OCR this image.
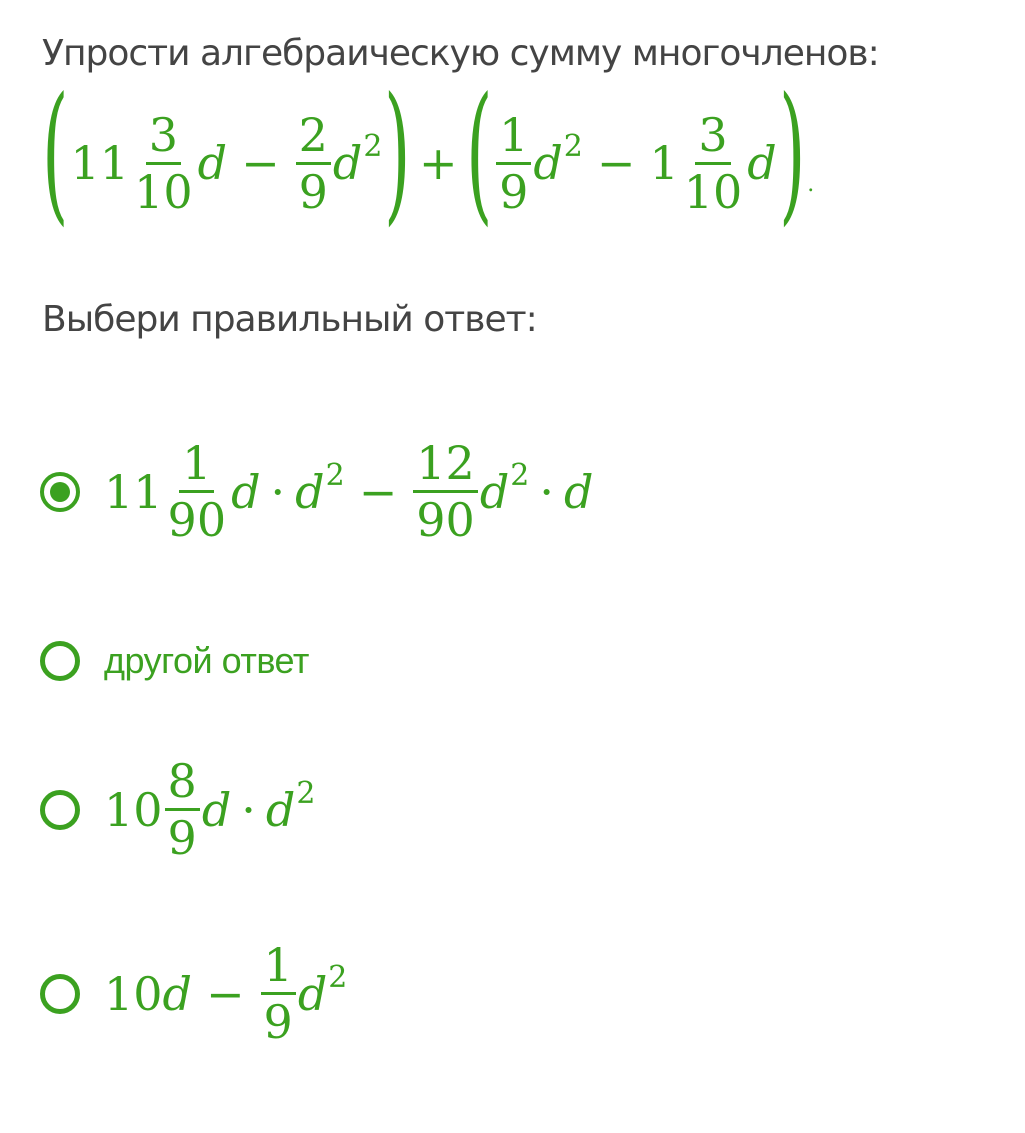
Упрости алгебраическую сумму многочленов:
( $11 \frac{3}{10}$ $d - \frac{2}{9}$ d 2 ) + ( $\frac{1}{9}$ d $2 - 1 \frac{3}{10}$ d ) .
Выбери правильный ответ:
$11 \frac{1}{90}$ d · d $2 - \frac{12}{90}$ d 2 · d
другой ответ
$10 \frac{8}{9}$ d · d 2
10 $d - \frac{1}{9}$ d 2
